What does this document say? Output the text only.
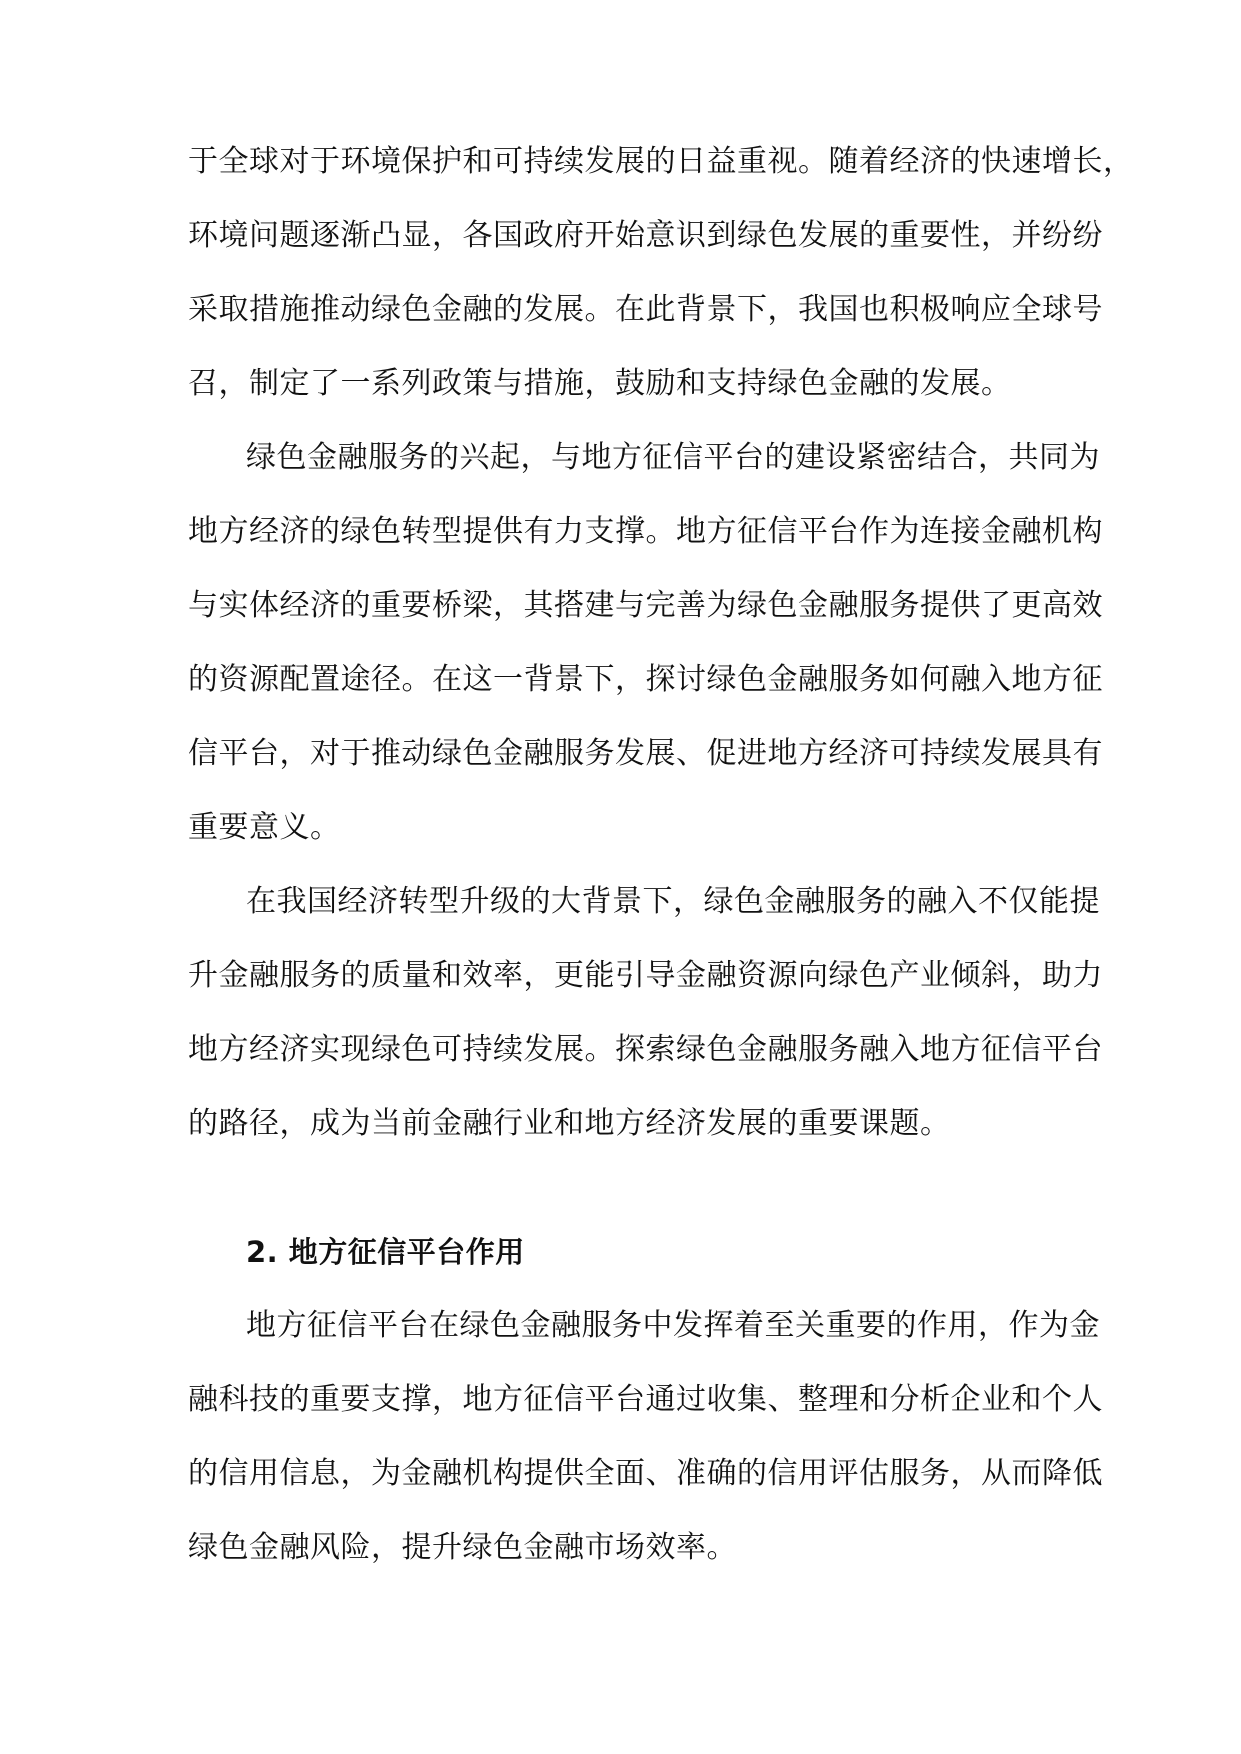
于全球对于环境保护和可持续发展的日益重视。随着经济的快速增长，
环境问题逐渐凸显，各国政府开始意识到绿色发展的重要性，并纷纷
采取措施推动绿色金融的发展。在此背景下，我国也积极响应全球号
召，制定了一系列政策与措施，鼓励和支持绿色金融的发展。
绿色金融服务的兴起，与地方征信平台的建设紧密结合，共同为
地方经济的绿色转型提供有力支撑。地方征信平台作为连接金融机构
与实体经济的重要桥梁，其搭建与完善为绿色金融服务提供了更高效
的资源配置途径。在这一背景下，探讨绿色金融服务如何融入地方征
信平台，对于推动绿色金融服务发展、促进地方经济可持续发展具有
重要意义。
在我国经济转型升级的大背景下，绿色金融服务的融入不仅能提
升金融服务的质量和效率，更能引导金融资源向绿色产业倾斜，助力
地方经济实现绿色可持续发展。探索绿色金融服务融入地方征信平台
的路径，成为当前金融行业和地方经济发展的重要课题。
2. 地方征信平台作用
地方征信平台在绿色金融服务中发挥着至关重要的作用，作为金
融科技的重要支撑，地方征信平台通过收集、整理和分析企业和个人
的信用信息，为金融机构提供全面、准确的信用评估服务，从而降低
绿色金融风险，提升绿色金融市场效率。
